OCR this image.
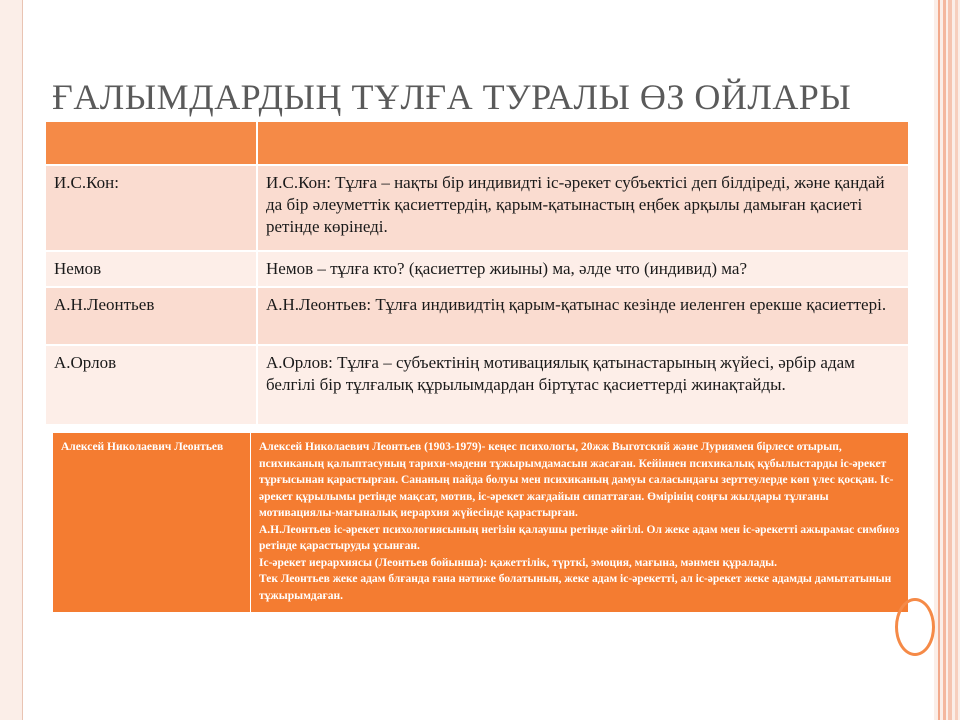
ҒАЛЫМДАРДЫҢ ТҰЛҒА ТУРАЛЫ ӨЗ ОЙЛАРЫ

И.С.Кон:	И.С.Кон: Тұлға – нақты бір индивидті іс-әрекет субъектісі деп білдіреді, және қандай да бір әлеуметтік қасиеттердің, қарым-қатынастың еңбек арқылы дамыған қасиеті ретінде көрінеді.
Немов	Немов – тұлға кто? (қасиеттер жиыны) ма, әлде что (индивид) ма?
А.Н.Леонтьев	А.Н.Леонтьев: Тұлға индивидтің қарым-қатынас кезінде иеленген ерекше қасиеттері.
А.Орлов	А.Орлов: Тұлға – субъектінің мотивациялық қатынастарының жүйесі, әрбір адам белгілі бір тұлғалық құрылымдардан біртұтас қасиеттерді жинақтайды.
Алексей Николаевич Леонтьев	Алексей Николаевич Леонтьев (1903-1979)- кеңес психологы, 20жж Выготский және Луриямен бірлесе отырып, психиканың қалыптасуның тарихи-мәдени тұжырымдамасын жасаған. Кейіннен психикалық құбылыстарды іс-әрекет тұрғысынан қарастырған. Сананың пайда болуы мен психиканың дамуы саласындағы зерттеулерде көп үлес қосқан. Іс-әрекет құрылымы ретінде мақсат, мотив, іс-әрекет жағдайын сипаттаған. Өмірінің соңғы жылдары тұлғаны мотивациялы-мағыналық иерархия жүйесінде қарастырған.

А.Н.Леонтьев іс-әрекет психологиясының негізін қалаушы ретінде әйгілі. Ол жеке адам мен іс-әрекетті ажырамас симбиоз ретінде қарастыруды ұсынған.

Іс-әрекет иерархиясы (Леонтьев бойынша): қажеттілік, түрткі, эмоция, мағына, мәнмен құралады.

Тек Леонтьев жеке адам блғанда ғана нәтиже болатынын, жеке адам іс-әрекетті, ал іс-әрекет жеке адамды дамытатынын тұжырымдаған.
